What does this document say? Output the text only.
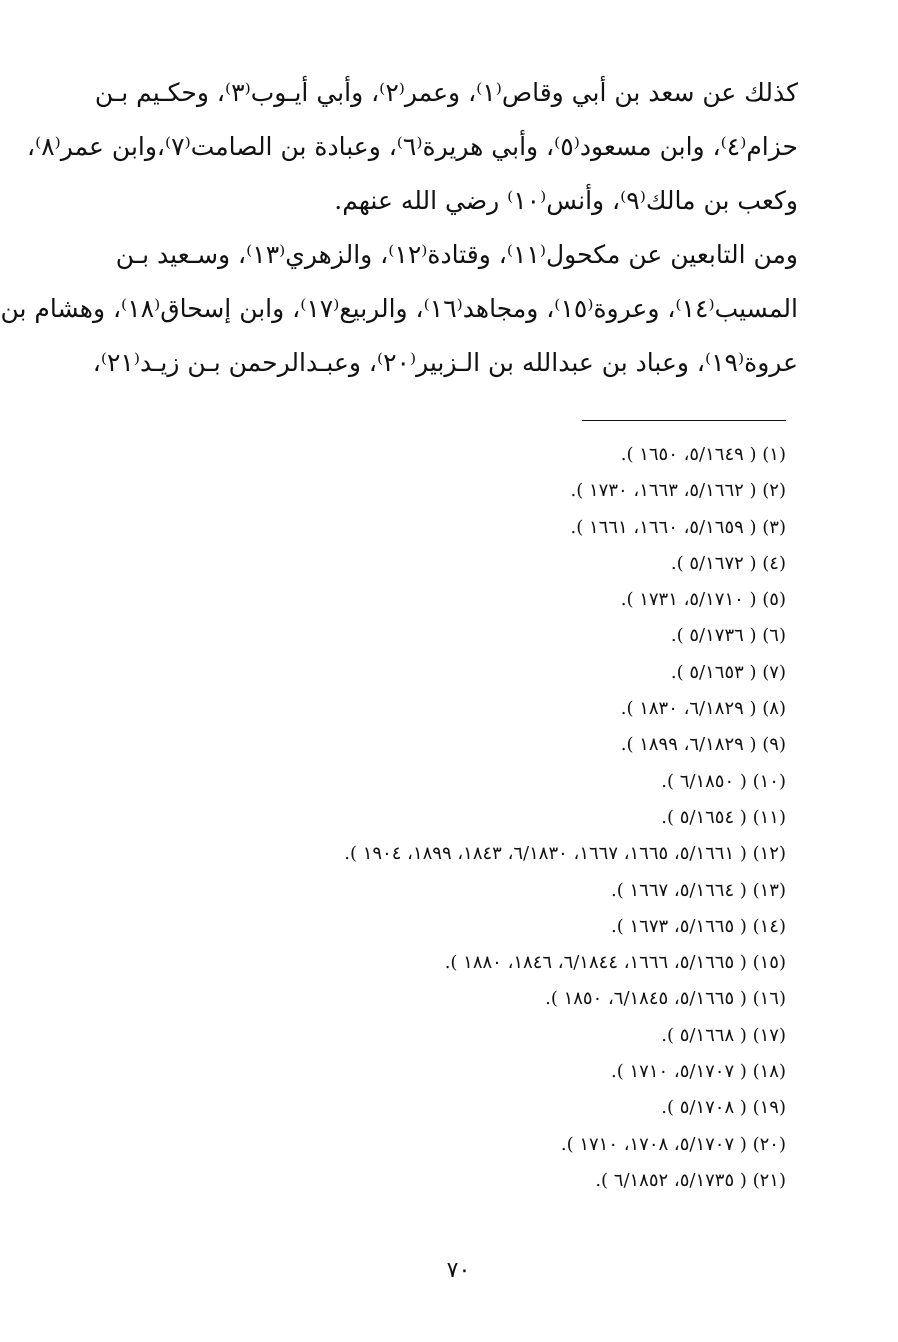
كذلك عن سعد بن أبي وقاص⁽١⁾، وعمر⁽٢⁾، وأبي أيـوب⁽٣⁾، وحكـيم بـن
حزام⁽٤⁾، وابن مسعود⁽٥⁾، وأبي هريرة⁽٦⁾، وعبادة بن الصامت⁽٧⁾،وابن عمر⁽٨⁾،
وكعب بن مالك⁽٩⁾، وأنس⁽١٠⁾ رضي الله عنهم.
ومن التابعين عن مكحول⁽١١⁾، وقتادة⁽١٢⁾، والزهري⁽١٣⁾، وسـعيد بـن
المسيب⁽١٤⁾، وعروة⁽١٥⁾، ومجاهد⁽١٦⁾، والربيع⁽١٧⁾، وابن إسحاق⁽١٨⁾، وهشام بن
عروة⁽١٩⁾، وعباد بن عبدالله بن الـزبير⁽٢٠⁾، وعبـدالرحمن بـن زيـد⁽٢١⁾،
(١) ( ٥/١٦٤٩، ١٦٥٠ ).
(٢) ( ٥/١٦٦٢، ١٦٦٣، ١٧٣٠ ).
(٣) ( ٥/١٦٥٩، ١٦٦٠، ١٦٦١ ).
(٤) ( ٥/١٦٧٢ ).
(٥) ( ٥/١٧١٠، ١٧٣١ ).
(٦) ( ٥/١٧٣٦ ).
(٧) ( ٥/١٦٥٣ ).
(٨) ( ٦/١٨٢٩، ١٨٣٠ ).
(٩) ( ٦/١٨٢٩، ١٨٩٩ ).
(١٠) ( ٦/١٨٥٠ ).
(١١) ( ٥/١٦٥٤ ).
(١٢) ( ٥/١٦٦١، ١٦٦٥، ١٦٦٧، ٦/١٨٣٠، ١٨٤٣، ١٨٩٩، ١٩٠٤ ).
(١٣) ( ٥/١٦٦٤، ١٦٦٧ ).
(١٤) ( ٥/١٦٦٥، ١٦٧٣ ).
(١٥) ( ٥/١٦٦٥، ١٦٦٦، ٦/١٨٤٤، ١٨٤٦، ١٨٨٠ ).
(١٦) ( ٥/١٦٦٥، ٦/١٨٤٥، ١٨٥٠ ).
(١٧) ( ٥/١٦٦٨ ).
(١٨) ( ٥/١٧٠٧، ١٧١٠ ).
(١٩) ( ٥/١٧٠٨ ).
(٢٠) ( ٥/١٧٠٧، ١٧٠٨، ١٧١٠ ).
(٢١) ( ٥/١٧٣٥، ٦/١٨٥٢ ).
٧٠
